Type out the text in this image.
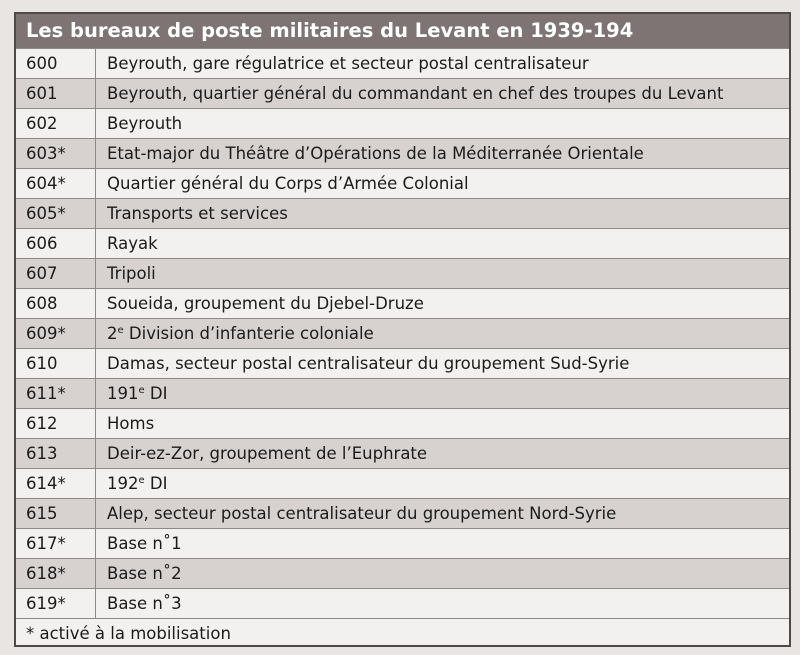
Les bureaux de poste militaires du Levant en 1939-194
600	Beyrouth, gare régulatrice et secteur postal centralisateur
601	Beyrouth, quartier général du commandant en chef des troupes du Levant
602	Beyrouth
603*	Etat-major du Théâtre d’Opérations de la Méditerranée Orientale
604*	Quartier général du Corps d’Armée Colonial
605*	Transports et services
606	Rayak
607	Tripoli
608	Soueida, groupement du Djebel-Druze
609*	2e Division d’infanterie coloniale
610	Damas, secteur postal centralisateur du groupement Sud-Syrie
611*	191e DI
612	Homs
613	Deir-ez-Zor, groupement de l’Euphrate
614*	192e DI
615	Alep, secteur postal centralisateur du groupement Nord-Syrie
617*	Base n˚1
618*	Base n˚2
619*	Base n˚3
* activé à la mobilisation
